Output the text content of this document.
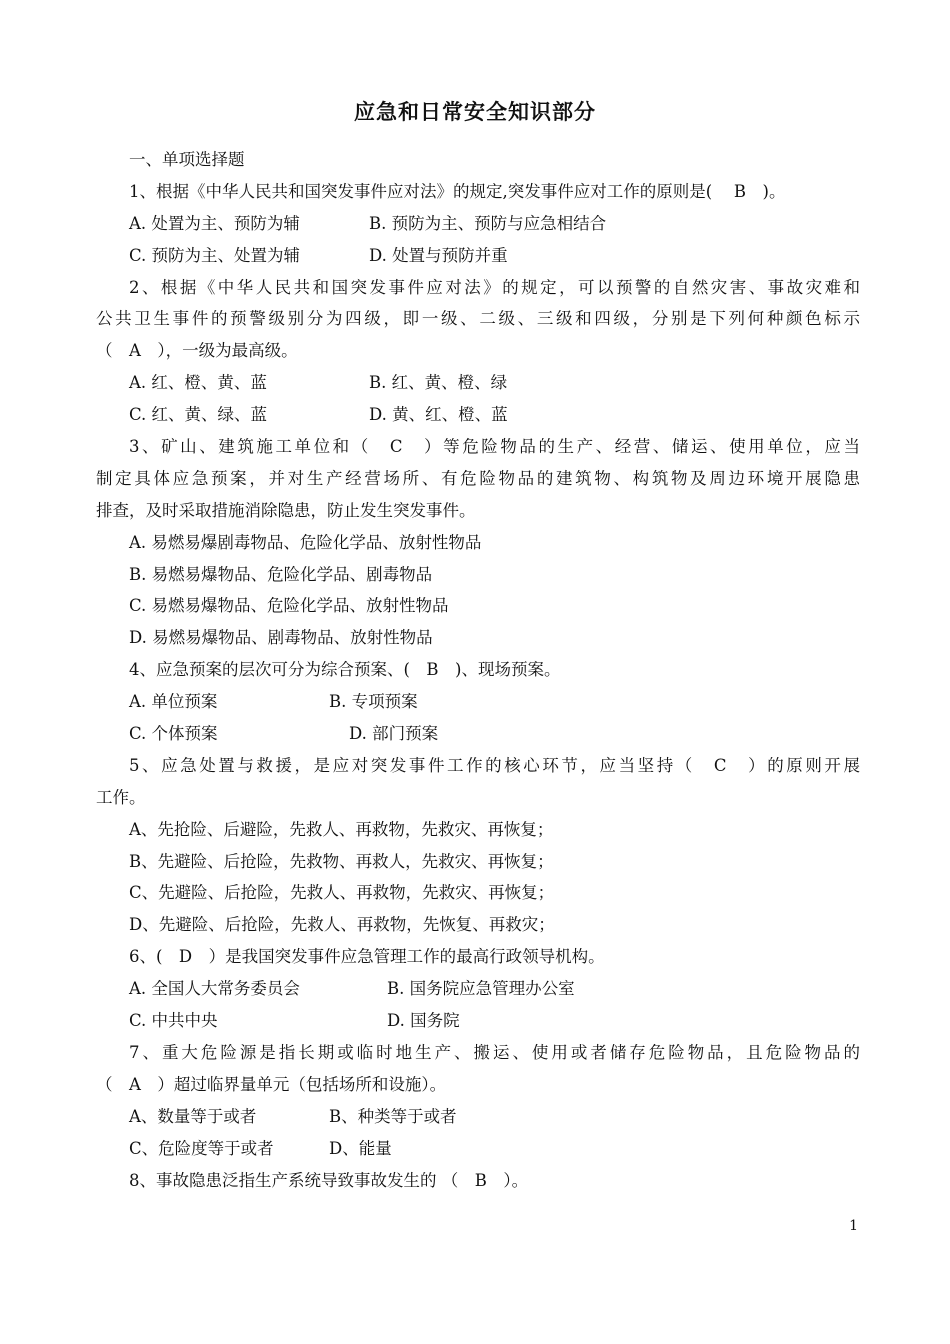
应急和日常安全知识部分
一、单项选择题
1、根据《中华人民共和国突发事件应对法》的规定,突发事件应对工作的原则是(　 B　)。
A. 处置为主、预防为辅	B. 预防为主、预防与应急相结合
C. 预防为主、处置为辅	D. 处置与预防并重
2、根据《中华人民共和国突发事件应对法》的规定，可以预警的自然灾害、事故灾难和
公共卫生事件的预警级别分为四级，即一级、二级、三级和四级，分别是下列何种颜色标示
（　A　），一级为最高级。
A. 红、橙、黄、蓝	B. 红、黄、橙、绿
C. 红、黄、绿、蓝	D. 黄、红、橙、蓝
3、矿山、建筑施工单位和（　C　）等危险物品的生产、经营、储运、使用单位，应当
制定具体应急预案，并对生产经营场所、有危险物品的建筑物、构筑物及周边环境开展隐患
排查，及时采取措施消除隐患，防止发生突发事件。
A. 易燃易爆剧毒物品、危险化学品、放射性物品
B. 易燃易爆物品、危险化学品、剧毒物品
C. 易燃易爆物品、危险化学品、放射性物品
D. 易燃易爆物品、剧毒物品、放射性物品
4、应急预案的层次可分为综合预案、(　B　)、现场预案。
A. 单位预案	B. 专项预案
C. 个体预案	D. 部门预案
5、应急处置与救援，是应对突发事件工作的核心环节，应当坚持（　C　）的原则开展
工作。
A、先抢险、后避险，先救人、再救物，先救灾、再恢复；
B、先避险、后抢险，先救物、再救人，先救灾、再恢复；
C、先避险、后抢险，先救人、再救物，先救灾、再恢复；
D、先避险、后抢险，先救人、再救物，先恢复、再救灾；
6、(　D　）是我国突发事件应急管理工作的最高行政领导机构。
A. 全国人大常务委员会	B. 国务院应急管理办公室
C. 中共中央	D. 国务院
7、重大危险源是指长期或临时地生产、搬运、使用或者储存危险物品，且危险物品的
（　A　）超过临界量单元（包括场所和设施）。
A、数量等于或者	B、种类等于或者
C、危险度等于或者	D、能量
8、事故隐患泛指生产系统导致事故发生的 （　B　）。
1
